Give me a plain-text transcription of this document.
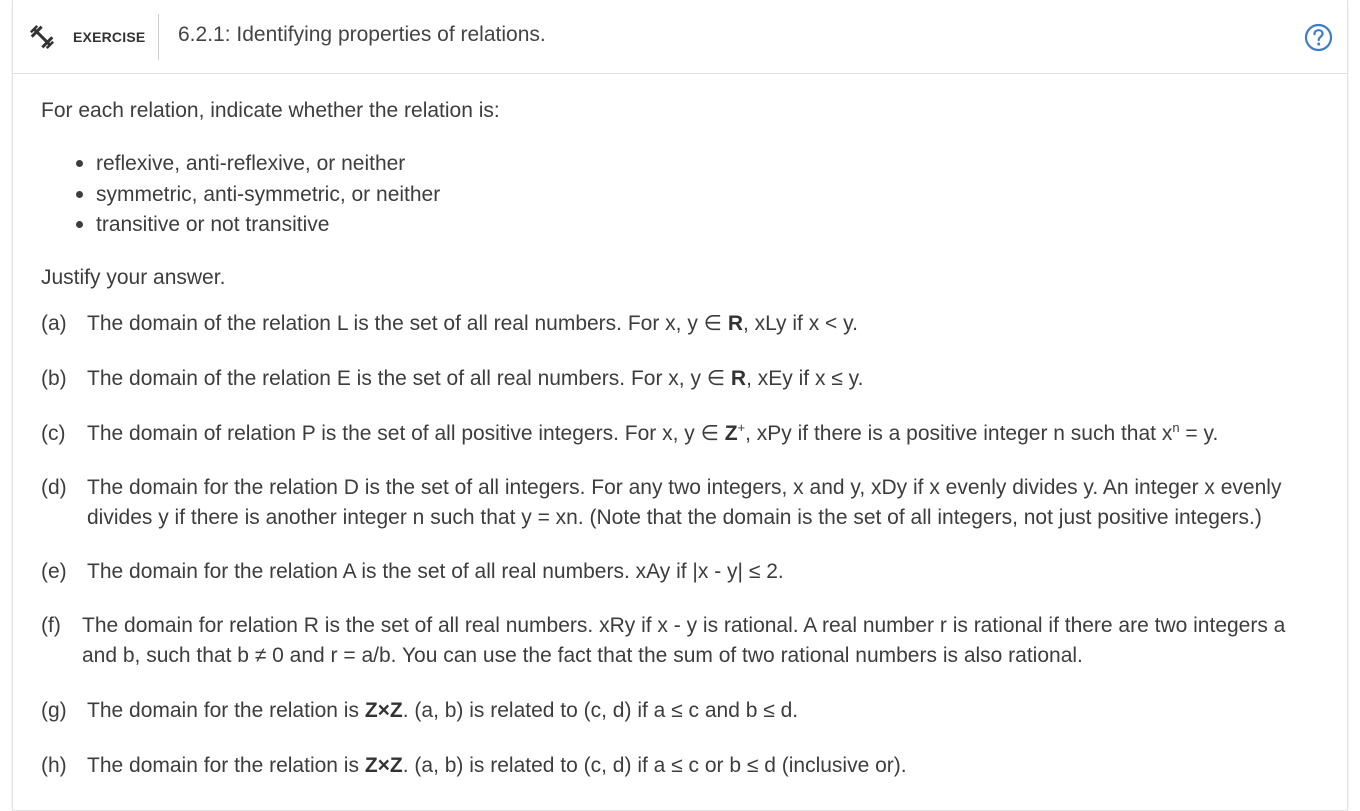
EXERCISE 6.2.1: Identifying properties of relations.
For each relation, indicate whether the relation is:
reflexive, anti-reflexive, or neither
symmetric, anti-symmetric, or neither
transitive or not transitive
Justify your answer.
(a) The domain of the relation L is the set of all real numbers. For x, y ∈ R, xLy if x < y.
(b) The domain of the relation E is the set of all real numbers. For x, y ∈ R, xEy if x ≤ y.
(c) The domain of relation P is the set of all positive integers. For x, y ∈ Z+, xPy if there is a positive integer n such that $x^n = y$.
(d) The domain for the relation D is the set of all integers. For any two integers, x and y, xDy if x evenly divides y. An integer x evenly divides y if there is another integer n such that y = xn. (Note that the domain is the set of all integers, not just positive integers.)
(e) The domain for the relation A is the set of all real numbers. xAy if |x - y| ≤ 2.
(f) The domain for relation R is the set of all real numbers. xRy if x - y is rational. A real number r is rational if there are two integers a and b, such that b ≠ 0 and r = a/b. You can use the fact that the sum of two rational numbers is also rational.
(g) The domain for the relation is Z×Z. (a, b) is related to (c, d) if a ≤ c and b ≤ d.
(h) The domain for the relation is Z×Z. (a, b) is related to (c, d) if a ≤ c or b ≤ d (inclusive or).
